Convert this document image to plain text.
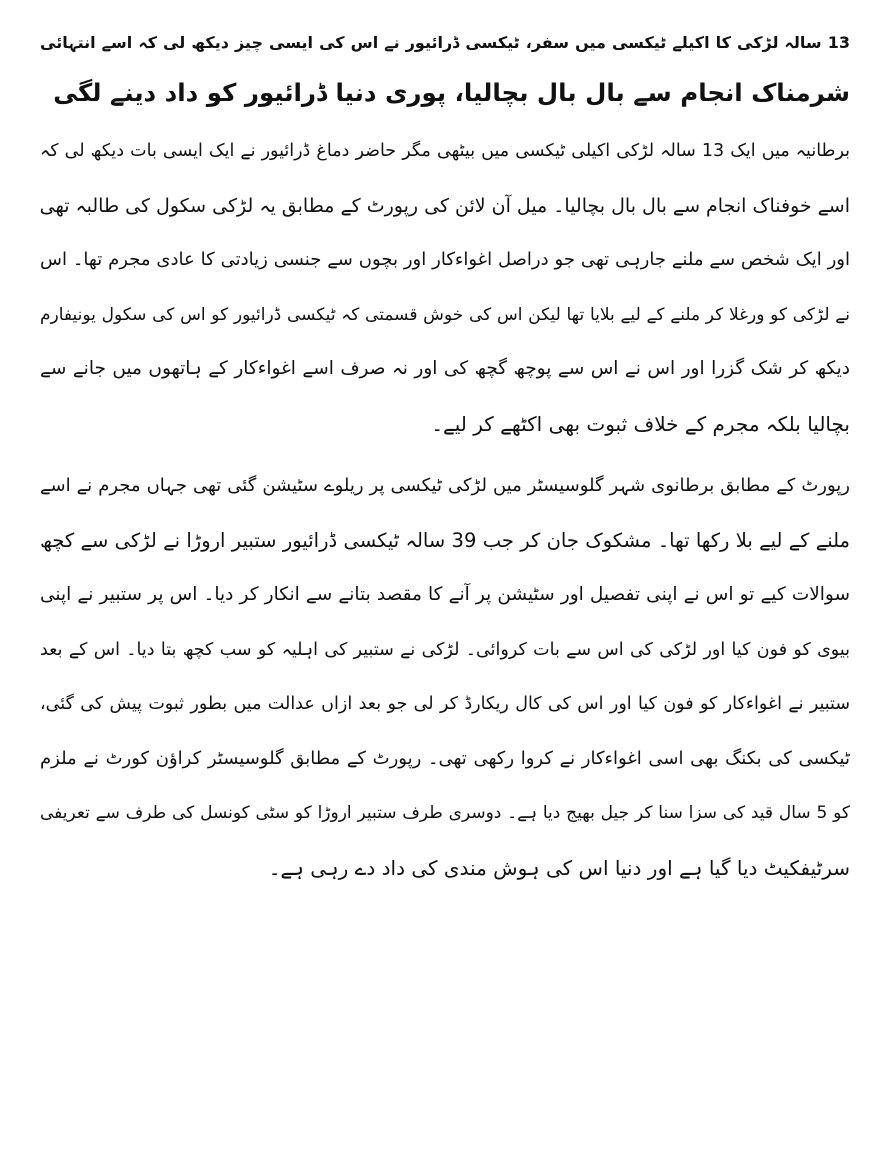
13 سالہ لڑکی کا اکیلے ٹیکسی میں سفر، ٹیکسی ڈرائیور نے اس کی ایسی چیز دیکھ لی کہ اسے انتہائی
شرمناک انجام سے بال بال بچالیا، پوری دنیا ڈرائیور کو داد دینے لگی

برطانیہ میں ایک 13 سالہ لڑکی اکیلی ٹیکسی میں بیٹھی مگر حاضر دماغ ڈرائیور نے ایک ایسی بات دیکھ لی کہ
اسے خوفناک انجام سے بال بال بچالیا۔ میل آن لائن کی رپورٹ کے مطابق یہ لڑکی سکول کی طالبہ تھی
اور ایک شخص سے ملنے جارہی تھی جو دراصل اغواءکار اور بچوں سے جنسی زیادتی کا عادی مجرم تھا۔ اس
نے لڑکی کو ورغلا کر ملنے کے لیے بلایا تھا لیکن اس کی خوش قسمتی کہ ٹیکسی ڈرائیور کو اس کی سکول یونیفارم
دیکھ کر شک گزرا اور اس نے اس سے پوچھ گچھ کی اور نہ صرف اسے اغواءکار کے ہاتھوں میں جانے سے
بچالیا بلکہ مجرم کے خلاف ثبوت بھی اکٹھے کر لیے۔

رپورٹ کے مطابق برطانوی شہر گلوسیسٹر میں لڑکی ٹیکسی پر ریلوے سٹیشن گئی تھی جہاں مجرم نے اسے
ملنے کے لیے بلا رکھا تھا۔ مشکوک جان کر جب 39 سالہ ٹیکسی ڈرائیور ستبیر اروڑا نے لڑکی سے کچھ
سوالات کیے تو اس نے اپنی تفصیل اور سٹیشن پر آنے کا مقصد بتانے سے انکار کر دیا۔ اس پر ستبیر نے اپنی
بیوی کو فون کیا اور لڑکی کی اس سے بات کروائی۔ لڑکی نے ستبیر کی اہلیہ کو سب کچھ بتا دیا۔ اس کے بعد
ستبیر نے اغواءکار کو فون کیا اور اس کی کال ریکارڈ کر لی جو بعد ازاں عدالت میں بطور ثبوت پیش کی گئی،
ٹیکسی کی بکنگ بھی اسی اغواءکار نے کروا رکھی تھی۔ رپورٹ کے مطابق گلوسیسٹر کراﺅن کورٹ نے ملزم
کو 5 سال قید کی سزا سنا کر جیل بھیج دیا ہے۔ دوسری طرف ستبیر اروڑا کو سٹی کونسل کی طرف سے تعریفی
سرٹیفکیٹ دیا گیا ہے اور دنیا اس کی ہوش مندی کی داد دے رہی ہے۔
